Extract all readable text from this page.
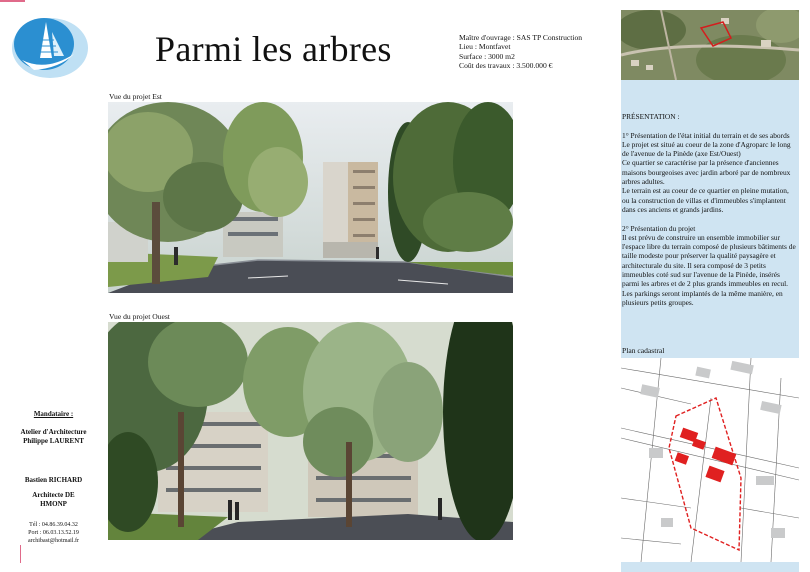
Parmi les arbres	Maître d'ouvrage : SAS TP Construction
Lieu : Montfavet
Surface : 3000 m2
Coût des travaux : 3.500.000 €
Vue du projet Est
Vue du projet Ouest
Mandataire :
Atelier d'Architecture
Philippe LAURENT
Bastien RICHARD
Architecte DE
HMONP
Tél : 04.86.39.04.32
Port : 06.03.13.52.19
archibast@hotmail.fr

PRÉSENTATION :

1° Présentation de l'état initial du terrain et de ses abords

Le projet est situé au coeur de la zone d'Agroparc le long de l'avenue de la Pinède (axe Est/Ouest)

Ce quartier se caractérise par la présence d'anciennes maisons bourgeoises avec jardin arboré par de nombreux arbres adultes.

Le terrain est au coeur de ce quartier en pleine mutation, ou la construction de villas et d'immeubles s'implantent dans ces anciens et grands jardins.

2° Présentation du projet

Il est prévu de construire un ensemble immobilier sur l'espace libre du terrain composé de plusieurs bâtiments de taille modeste pour préserver la qualité paysagère et architecturale du site. Il sera composé de 3 petits immeubles coté sud sur l'avenue de la Pinède, insérés parmi les arbres et de 2 plus grands immeubles en recul. Les parkings seront implantés de la même manière, en plusieurs petits groupes.

Plan cadastral
